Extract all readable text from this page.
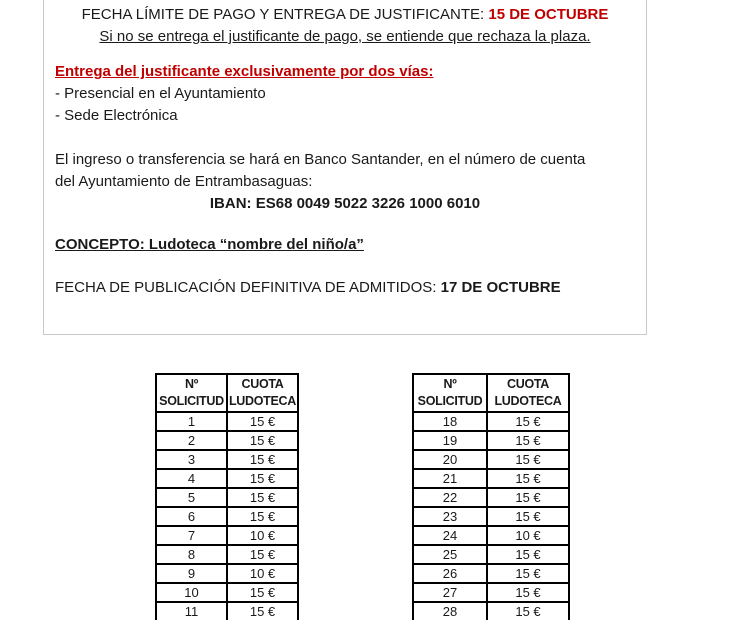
FECHA LÍMITE DE PAGO Y ENTREGA DE JUSTIFICANTE: 15 DE OCTUBRE

Si no se entrega el justificante de pago, se entiende que rechaza la plaza.

Entrega del justificante exclusivamente por dos vías:

- Presencial en el Ayuntamiento

- Sede Electrónica

El ingreso o transferencia se hará en Banco Santander, en el número de cuenta

del Ayuntamiento de Entrambasaguas:

IBAN: ES68 0049 5022 3226 1000 6010

CONCEPTO: Ludoteca “nombre del niño/a”

FECHA DE PUBLICACIÓN DEFINITIVA DE ADMITIDOS: 17 DE OCTUBRE

Nº
SOLICITUD	CUOTA
LUDOTECA
1	15 €
2	15 €
3	15 €
4	15 €
5	15 €
6	15 €
7	10 €
8	15 €
9	10 €
10	15 €
11	15 €
Nº
SOLICITUD	CUOTA
LUDOTECA
18	15 €
19	15 €
20	15 €
21	15 €
22	15 €
23	15 €
24	10 €
25	15 €
26	15 €
27	15 €
28	15 €
